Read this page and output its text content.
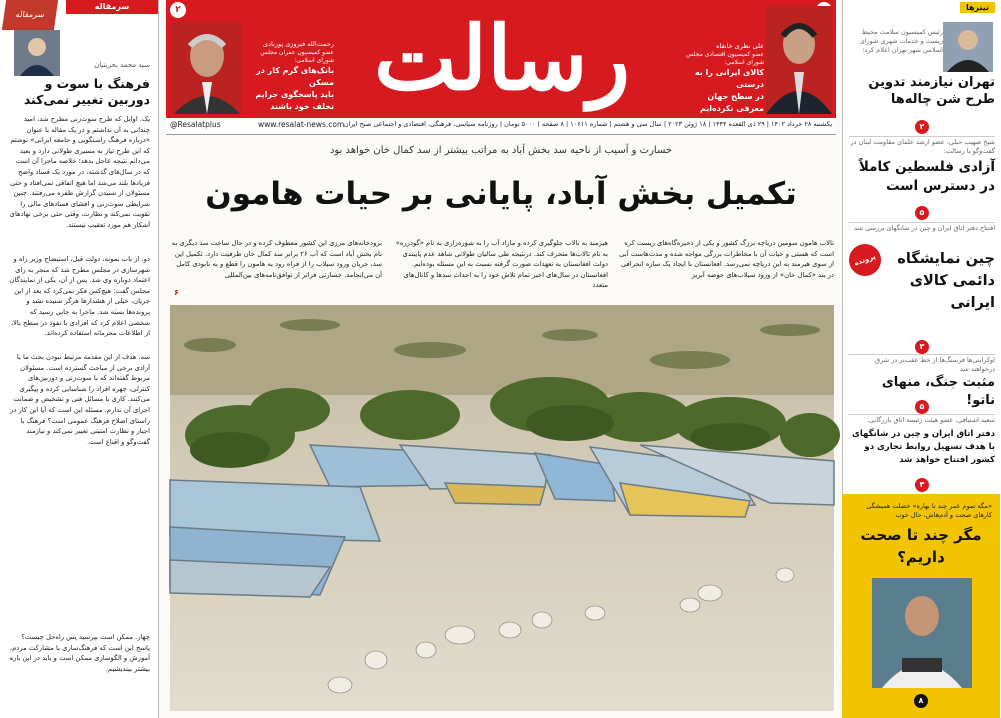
سرمقاله
سرمقاله
سید محمد بحرینیان
فرهنگ با سوت و دوربین تغییر نمی‌کند
یک. اوایل که طرح سوت‌زنی مطرح شد، امید چندانی به آن نداشتم و در یک مقاله با عنوان «درباره فرهنگ راستگویی و جامعه ایرانی» نوشتم که این طرح نیاز به مسیری طولانی دارد و بعید می‌دانم نتیجه عاجل بدهد؛ خلاصه ماجرا آن است که در سال‌های گذشته، در مورد یک فساد واضح فریادها بلند می‌شد اما هیچ اتفاقی نمی‌افتاد و حتی مسئولان از شنیدن گزارش طفره می‌رفتند. چنین شرایطی سوت‌زنی و افشای فسادهای مالی را تقویت نمی‌کند و نظارت، وقتی حتی برخی نهادهای آشکار هم مورد تعقیب نیستند.
دو. از باب نمونه، دولت قبل، استیضاح وزیر راه و شهرسازی در مجلس مطرح شد که منجر به رای اعتماد دوباره وی شد. پس از آن، یکی از نمایندگان مجلس گفت: هیچ‌کس فکر نمی‌کرد که بعد از این جریان، خیلی از هشدارها هرگز شنیده نشد و پرونده‌ها بسته شد. ماجرا به جایی رسید که شخصی اعلام کرد که افرادی با نفوذ در سطح بالا، از اطلاعات محرمانه استفاده کرده‌اند.
سه. هدف از این مقدمه مرتبط نبودن بحث ما با آزادی برخی از مباحث گسترده است. مسئولان مربوط گفته‌اند که با سوت‌زنی و دوربین‌های کنترلی، چهره افراد را شناسایی کرده و پیگیری می‌کنند. کاری با مسائل فنی و تشخیص و ضمانت اجرای آن ندارم. مسئله این است که آیا این کار در راستای اصلاح فرهنگ عمومی است؟ فرهنگ با اجبار و نظارت امنیتی تغییر نمی‌کند و نیازمند گفت‌وگو و اقناع است.
چهار. ممکن است بپرسید پس راه‌حل چیست؟ پاسخ این است که فرهنگ‌سازی با مشارکت مردم، آموزش و الگوسازی ممکن است و باید در این باره بیشتر بیندیشیم.
۲
رحمت‌الله فیروزی پوربادی
عضو کمیسیون عمران مجلس شورای اسلامی:
بانک‌های گرم کار در مسکن
باید پاسخگوی جرایم
تخلف خود باشند رسالت	علی نظری خانقاه
عضو کمیسیون اقتصادی مجلس شورای اسلامی:
کالای ایرانی را به درستی
در سطح جهان
معرفی نکرده‌ایم
@Resalatplus	www.resalat-news.com یکشنبه ۲۸ خرداد ۱۴۰۲ | ۲۹ ذی القعده ۱۴۴۴ | ۱۸ ژوئن ۲۰۲۳ | سال سی و هشتم | شماره ۱۰۶۱۱ | ۸ صفحه | ۵۰۰۰ تومان | روزنامه سیاسی، فرهنگی، اقتصادی و اجتماعی صبح ایران
خسارت و آسیب از ناحیه سد بخش آباد به مراتب بیشتر از سد کمال خان خواهد بود
تکمیل بخش آباد، پایانی بر حیات هامون
تالاب هامون سومین دریاچه بزرگ کشور و یکی از ذخیره‌گاه‌های زیست کره است که هستی و حیات آن با مخاطرات بزرگی مواجه شده و مدت‌هاست آبی از سوی هیرمند به این دریاچه نمی‌رسد. افغانستان با ایجاد یک سازه انحرافی در بند «کمال خان» از ورود سیلاب‌های حوضه آبریز
هیرمند به تالاب جلوگیری کرده و مازاد آب را به شوره‌زاری به نام «گودزره» به نام تالاب‌ها منحرف کند. درنتیجه طی سالیان طولانی شاهد عدم پایبندی دولت افغانستان به تعهدات صورت گرفته نسبت به این مسئله بوده‌ایم. افغانستان در سال‌های اخیر تمام تلاش خود را به احداث سدها و کانال‌های متعدد
برودخانه‌های مرزی این کشور معطوف کرده و در حال ساخت سد دیگری به نام بخش آباد است که آب ۲۶ برابر سد کمال خان ظرفیت دارد. تکمیل این سد، جریان ورود سیلاب را از فراه رود به هامون را قطع و به نابودی کامل آن می‌انجامد. خسارتی فراتر از توافق‌نامه‌های بین‌المللی
۶
تیترها
رئیس کمیسیون سلامت محیط زیست و خدمات شهری شورای اسلامی شهر تهران اعلام کرد:
تهران نیازمند تدوین طرح شن چاله‌ها
۲
شیخ صهیب حبلی، عضو ارشد علمای مقاومت لبنان در گفت‌وگو با رسالت:
آزادی فلسطین کاملاً در دسترس است
۵
افتتاح دفتر اتاق ایران و چین در شانگهای بررسی شد
پرونده	چین نمایشگاه دائمی کالای ایرانی
۳
اوکراینی‌ها فرسنگ‌ها از خط عقب‌تر در شرق درخواهند شد
مثبت جنگ، منهای ناتو!
۵
سعید اشتیاقی، عضو هیئت رئیسه اتاق بازرگانی:
دفتر اتاق ایران و چین در شانگهای با هدف تسهیل روابط تجاری دو کشور افتتاح خواهد شد
۳
«مگه تموم عمر چند تا بهاره» خصلت همیشگی کارهای صحت و آدم‌هاش، حال خوب
مگر چند تا صحت داریم؟
۸
